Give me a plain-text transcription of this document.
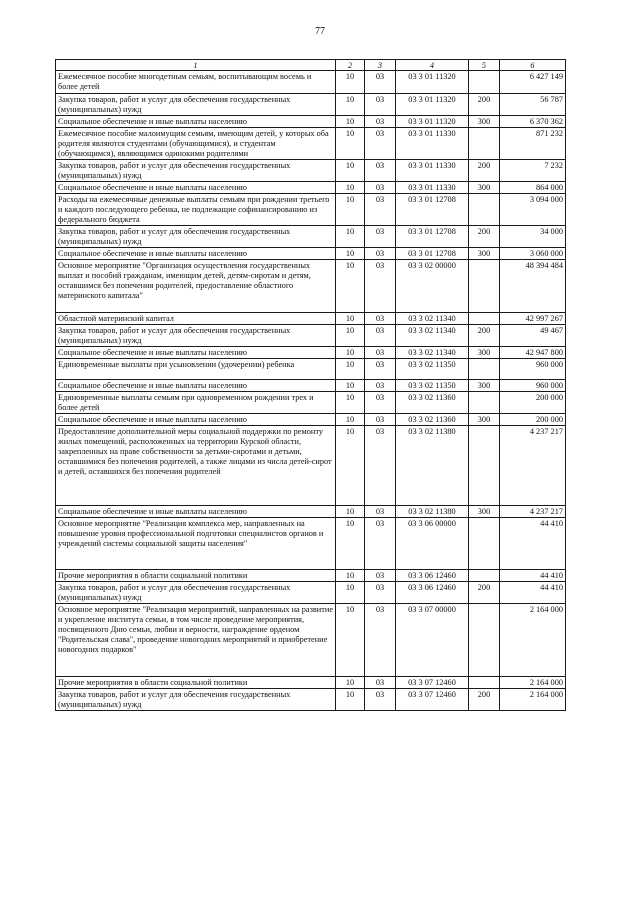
77
1	2	3	4	5	6
Ежемесячное пособие многодетным семьям, воспитывающим восемь и более детей	10	03	03 3 01 11320		6 427 149
Закупка товаров, работ и услуг для обеспечения государственных (муниципальных) нужд	10	03	03 3 01 11320	200	56 787
Социальное обеспечение и иные выплаты населению	10	03	03 3 01 11320	300	6 370 362
Ежемесячное пособие малоимущим семьям, имеющим детей, у которых оба родителя являются студентами (обучающимися), и студентам (обучающимся), являющимся одинокими родителями	10	03	03 3 01 11330		871 232
Закупка товаров, работ и услуг для обеспечения государственных (муниципальных) нужд	10	03	03 3 01 11330	200	7 232
Социальное обеспечение и иные выплаты населению	10	03	03 3 01 11330	300	864 000
Расходы на ежемесячные денежные выплаты семьям при рождении третьего и каждого последующего ребенка, не подлежащие софинансированию из федерального бюджета	10	03	03 3 01 12708		3 094 000
Закупка товаров, работ и услуг для обеспечения государственных (муниципальных) нужд	10	03	03 3 01 12708	200	34 000
Социальное обеспечение и иные выплаты населению	10	03	03 3 01 12708	300	3 060 000
Основное мероприятие "Организация осуществления государственных выплат и пособий гражданам, имеющим детей, детям-сиротам и детям, оставшимся без попечения родителей, предоставление областного материнского капитала"	10	03	03 3 02 00000		48 394 484
Областной материнский капитал	10	03	03 3 02 11340		42 997 267
Закупка товаров, работ и услуг для обеспечения государственных (муниципальных) нужд	10	03	03 3 02 11340	200	49 467
Социальное обеспечение и иные выплаты населению	10	03	03 3 02 11340	300	42 947 800
Единовременные выплаты при усыновлении (удочерении) ребенка	10	03	03 3 02 11350		960 000
Социальное обеспечение и иные выплаты населению	10	03	03 3 02 11350	300	960 000
Единовременные выплаты семьям при одновременном рождении трех и более детей	10	03	03 3 02 11360		200 000
Социальное обеспечение и иные выплаты населению	10	03	03 3 02 11360	300	200 000
Предоставление дополнительной меры социальной поддержки по ремонту жилых помещений, расположенных на территории Курской области, закрепленных на праве собственности за детьми-сиротами и детьми, оставшимися без попечения родителей, а также лицами из числа детей-сирот и детей, оставшихся без попечения родителей	10	03	03 3 02 11380		4 237 217
Социальное обеспечение и иные выплаты населению	10	03	03 3 02 11380	300	4 237 217
Основное мероприятие "Реализация комплекса мер, направленных на повышение уровня профессиональной подготовки специалистов органов и учреждений системы социальной защиты населения"	10	03	03 3 06 00000		44 410
Прочие мероприятия в области социальной политики	10	03	03 3 06 12460		44 410
Закупка товаров, работ и услуг для обеспечения государственных (муниципальных) нужд	10	03	03 3 06 12460	200	44 410
Основное мероприятие "Реализация мероприятий, направленных на развитие и укрепление института семьи, в том числе проведение мероприятия, посвященного Дню семьи, любви и верности, награждение орденом "Родительская слава", проведение новогодних мероприятий и приобретение новогодних подарков"	10	03	03 3 07 00000		2 164 000
Прочие мероприятия в области социальной политики	10	03	03 3 07 12460		2 164 000
Закупка товаров, работ и услуг для обеспечения государственных (муниципальных) нужд	10	03	03 3 07 12460	200	2 164 000
